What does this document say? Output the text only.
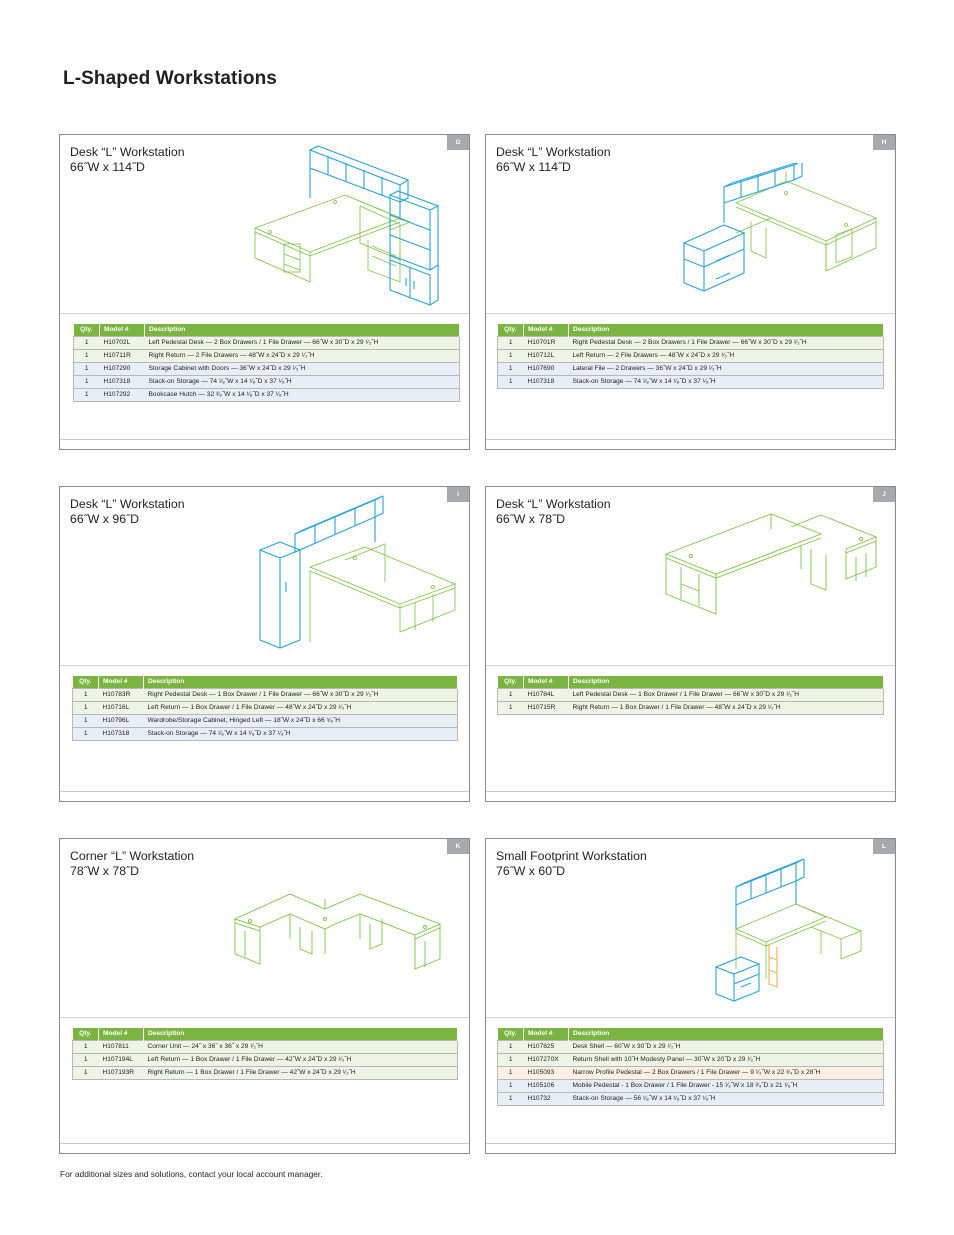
L-Shaped Workstations
G
Desk “L” Workstation
66˝W x 114˝D
Qty.	Model #	Description
1	H10702L	Left Pedestal Desk — 2 Box Drawers / 1 File Drawer — 66˝W x 30˝D x 29 ¹⁄₂˝H
1	H10711R	Right Return — 2 File Drawers — 48˝W x 24˝D x 29 ¹⁄₂˝H
1	H107290	Storage Cabinet with Doors — 36˝W x 24˝D x 29 ¹⁄₂˝H
1	H107318	Stack-on Storage — 74 ¹⁄₈˝W x 14 ¹⁄₈˝D x 37 ¹⁄₈˝H
1	H107292	Bookcase Hutch — 32 ³⁄₈˝W x 14 ¹⁄₈˝D x 37 ¹⁄₈˝H
H
Desk “L” Workstation
66˝W x 114˝D
Qty.	Model #	Description
1	H10701R	Right Pedestal Desk — 2 Box Drawers / 1 File Drawer — 66˝W x 30˝D x 29 ¹⁄₂˝H
1	H10712L	Left Return — 2 File Drawers — 48˝W x 24˝D x 29 ¹⁄₂˝H
1	H107690	Lateral File — 2 Drawers — 36˝W x 24˝D x 29 ¹⁄₂˝H
1	H107318	Stack-on Storage — 74 ¹⁄₈˝W x 14 ¹⁄₈˝D x 37 ¹⁄₈˝H
I
Desk “L” Workstation
66˝W x 96˝D
Qty.	Model #	Description
1	H10783R	Right Pedestal Desk — 1 Box Drawer / 1 File Drawer — 66˝W x 30˝D x 29 ¹⁄₂˝H
1	H10716L	Left Return — 1 Box Drawer / 1 File Drawer — 48˝W x 24˝D x 29 ¹⁄₂˝H
1	H10796L	Wardrobe/Storage Cabinet, Hinged Left — 18˝W x 24˝D x 66 ⁵⁄₈˝H
1	H107318	Stack-on Storage — 74 ¹⁄₈˝W x 14 ¹⁄₈˝D x 37 ¹⁄₈˝H
J
Desk “L” Workstation
66˝W x 78˝D
Qty.	Model #	Description
1	H10784L	Left Pedestal Desk — 1 Box Drawer / 1 File Drawer — 66˝W x 30˝D x 29 ¹⁄₂˝H
1	H10715R	Right Return — 1 Box Drawer / 1 File Drawer — 48˝W x 24˝D x 29 ¹⁄₂˝H
K
Corner “L” Workstation
78˝W x 78˝D
Qty.	Model #	Description
1	H107811	Corner Unit — 24˝ x 36˝ x 36˝ x 29 ¹⁄₂˝H
1	H107194L	Left Return — 1 Box Drawer / 1 File Drawer — 42˝W x 24˝D x 29 ¹⁄₂˝H
1	H107193R	Right Return — 1 Box Drawer / 1 File Drawer — 42˝W x 24˝D x 29 ¹⁄₂˝H
L
Small Footprint Workstation
76˝W x 60˝D
Qty.	Model #	Description
1	H107825	Desk Shell — 60˝W x 30˝D x 29 ¹⁄₂˝H
1	H107270X	Return Shell with 10˝H Modesty Panel — 30˝W x 20˝D x 29 ¹⁄₂˝H
1	H105093	Narrow Profile Pedestal — 2 Box Drawers / 1 File Drawer — 9 ¹⁄₂˝W x 22 ³⁄₄˝D x 28˝H
1	H105106	Mobile Pedestal - 1 Box Drawer / 1 File Drawer - 15 ¹⁄₂˝W x 18 ³⁄₄˝D x 21 ¹⁄₈˝H
1	H10732	Stack-on Storage — 56 ¹⁄₈˝W x 14 ¹⁄₈˝D x 37 ¹⁄₈˝H
For additional sizes and solutions, contact your local account manager.
